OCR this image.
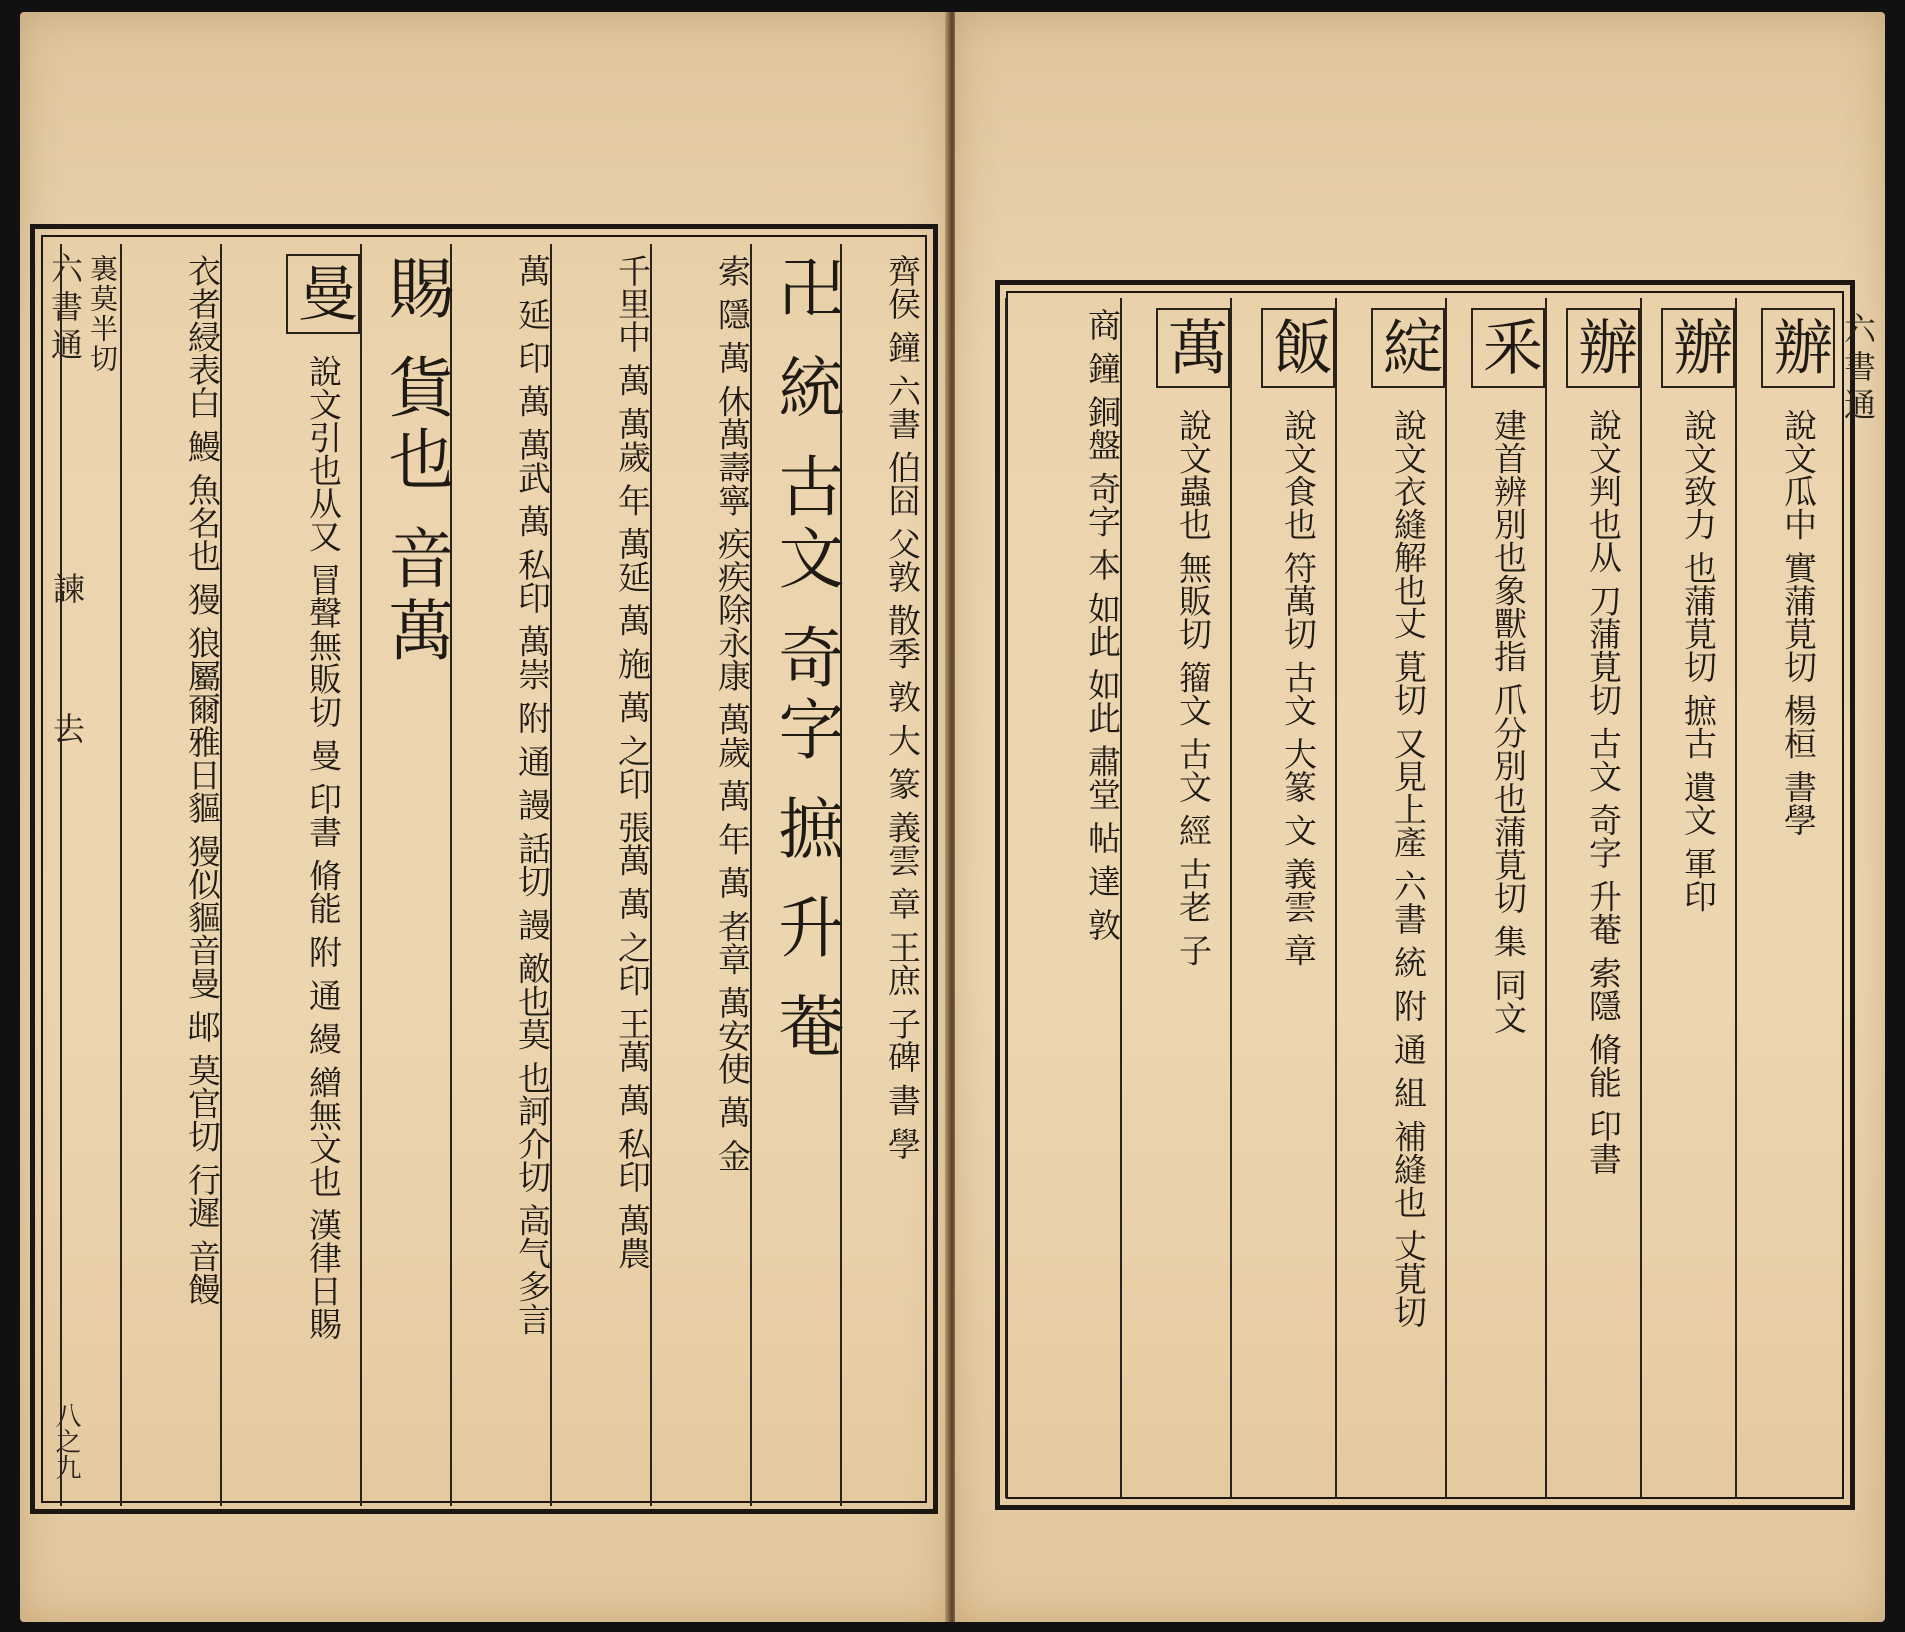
六書通
諫
去
八之九
六書通
齊侯 鐘 六書 伯囧 父敦 散季 敦 大 篆 義雲 章 王庶 子碑 書 學
卍 統 古文 奇字 摭 升 菴
索 隱 萬 休萬壽寧 疾疾除永康 萬歲 萬 年 萬 者章 萬安使 萬 金
千里中 萬 萬歲 年 萬延 萬 施 萬 之印 張萬 萬 之印 王萬 萬 私印 萬農
萬 延 印 萬 萬武 萬 私印 萬崇 附 通 謾 話切 謾 敵也莫 也訶介切 高气多言
賜 貨也 音萬
曼 說文引也从又 冒聲無販切 曼 印書 脩能 附 通 縵 繒無文也 漢律日賜
衣者綅表白 鰻 魚名也 獌 狼屬爾雅日貙 獌似貙音曼 䢺 莫官切 行遲 音饅
裏莫半切	辦 說文瓜中 實蒲莧切 楊桓 書學
辦 說文致力 也蒲莧切 摭古 遺文 軍印
辦 說文判也从 刀蒲莧切 古文 奇字 升菴 索隱 脩能 印書
釆 建首辨別也象獸指 爪分別也蒲莧切 集 同文
綻 說文衣縫解也丈 莧切 又見上產 六書 統 附 通 組 補縫也 丈莧切
飯 說文食也 符萬切 古文 大篆 文 義雲 章
萬 說文蟲也 無販切 籀文 古文 經 古老 子
商 鐘 銅盤 奇字 本 如此 如此 肅堂 帖 達 敦
